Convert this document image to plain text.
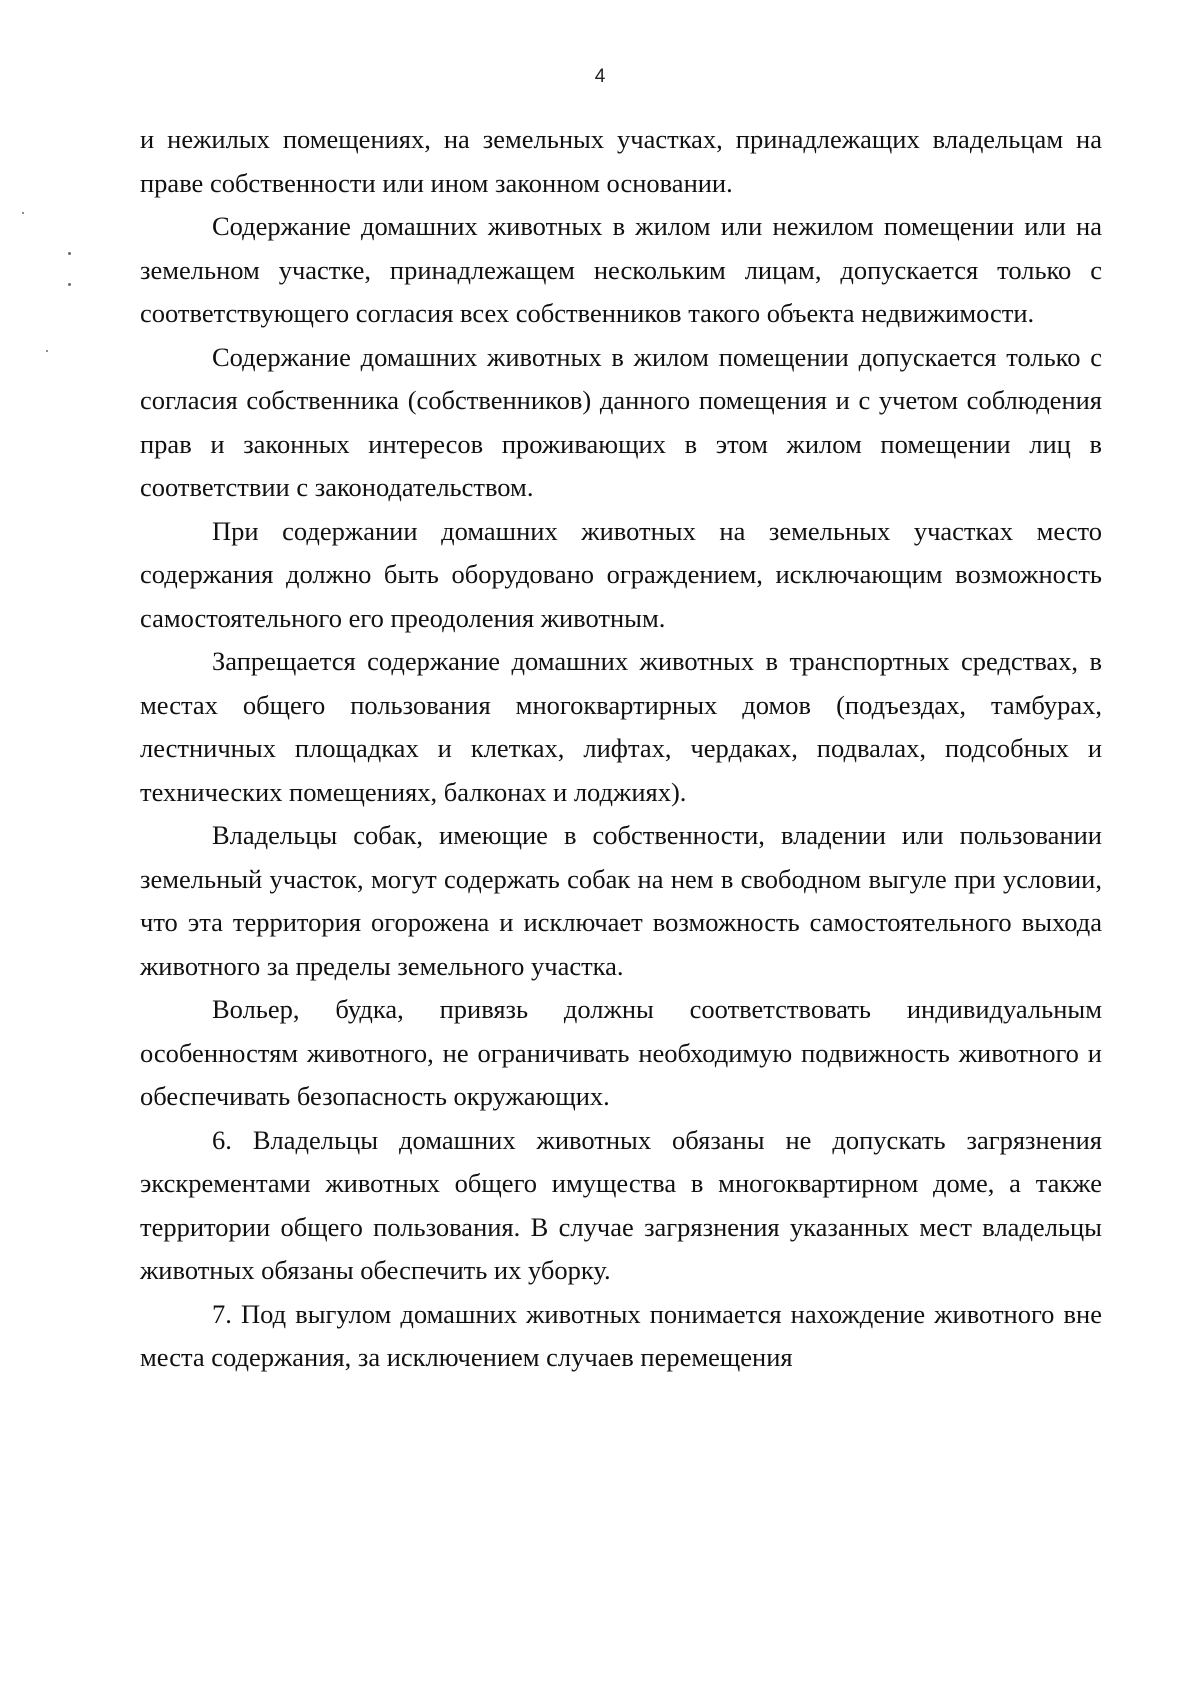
4

и нежилых помещениях, на земельных участках, принадлежащих владельцам на праве собственности или ином законном основании.

Содержание домашних животных в жилом или нежилом помещении или на земельном участке, принадлежащем нескольким лицам, допускается только с соответствующего согласия всех собственников такого объекта недвижимости.

Содержание домашних животных в жилом помещении допускается только с согласия собственника (собственников) данного помещения и с учетом соблюдения прав и законных интересов проживающих в этом жилом помещении лиц в соответствии с законодательством.

При содержании домашних животных на земельных участках место содержания должно быть оборудовано ограждением, исключающим возможность самостоятельного его преодоления животным.

Запрещается содержание домашних животных в транспортных средствах, в местах общего пользования многоквартирных домов (подъездах, тамбурах, лестничных площадках и клетках, лифтах, чердаках, подвалах, подсобных и технических помещениях, балконах и лоджиях).

Владельцы собак, имеющие в собственности, владении или пользовании земельный участок, могут содержать собак на нем в свободном выгуле при условии, что эта территория огорожена и исключает возможность самостоятельного выхода животного за пределы земельного участка.

Вольер, будка, привязь должны соответствовать индивидуальным особенностям животного, не ограничивать необходимую подвижность животного и обеспечивать безопасность окружающих.

6. Владельцы домашних животных обязаны не допускать загрязнения экскрементами животных общего имущества в многоквартирном доме, а также территории общего пользования. В случае загрязнения указанных мест владельцы животных обязаны обеспечить их уборку.

7. Под выгулом домашних животных понимается нахождение животного вне места содержания, за исключением случаев перемещения
